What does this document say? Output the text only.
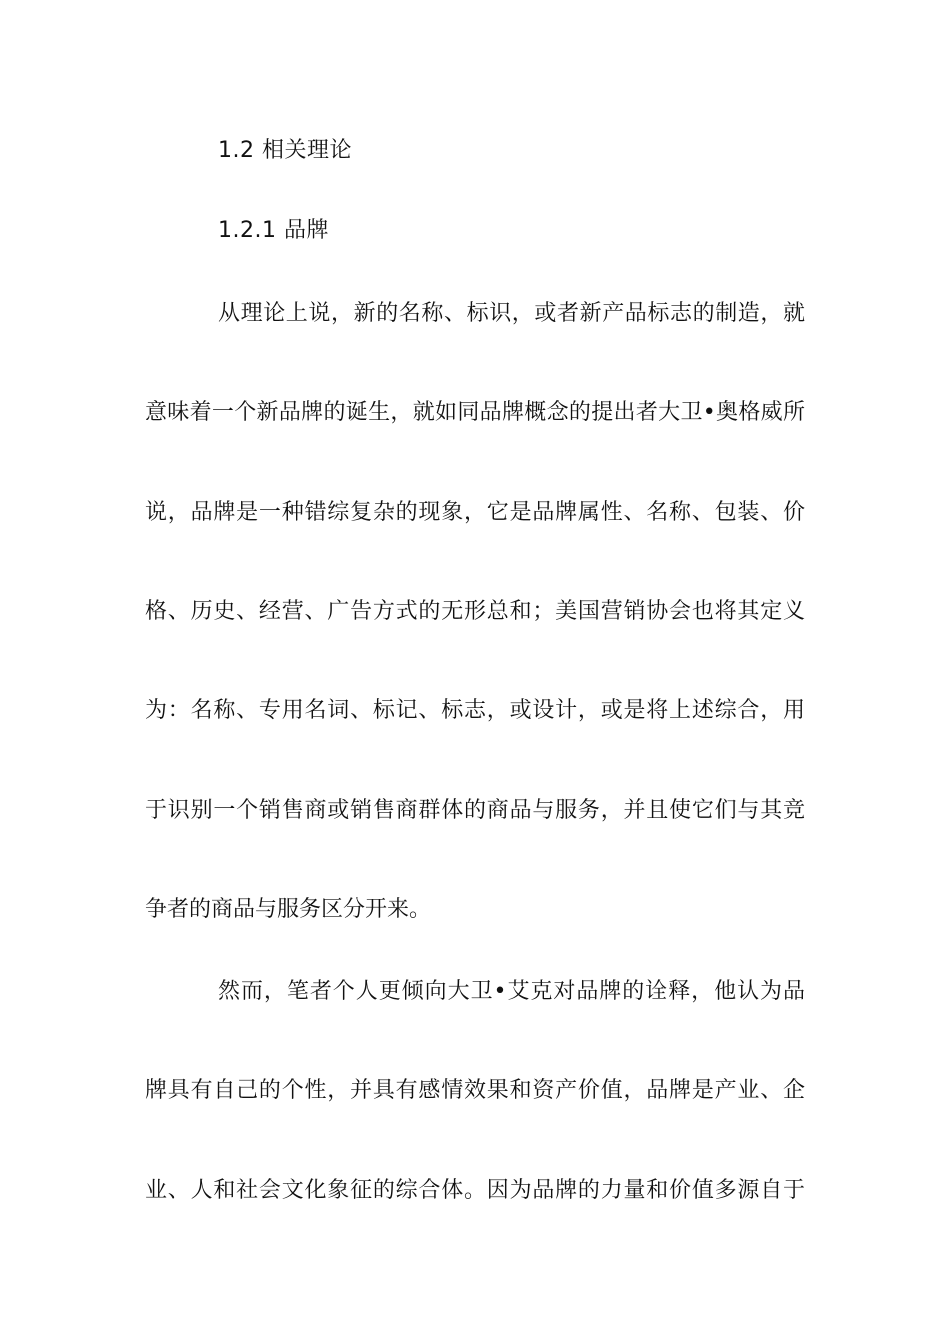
1.2 相关理论
1.2.1 品牌
从理论上说，新的名称、标识，或者新产品标志的制造，就
意味着一个新品牌的诞生，就如同品牌概念的提出者大卫•奥格威所
说，品牌是一种错综复杂的现象，它是品牌属性、名称、包装、价
格、历史、经营、广告方式的无形总和；美国营销协会也将其定义
为：名称、专用名词、标记、标志，或设计，或是将上述综合，用
于识别一个销售商或销售商群体的商品与服务，并且使它们与其竞
争者的商品与服务区分开来。
然而，笔者个人更倾向大卫•艾克对品牌的诠释，他认为品
牌具有自己的个性，并具有感情效果和资产价值，品牌是产业、企
业、人和社会文化象征的综合体。因为品牌的力量和价值多源自于
